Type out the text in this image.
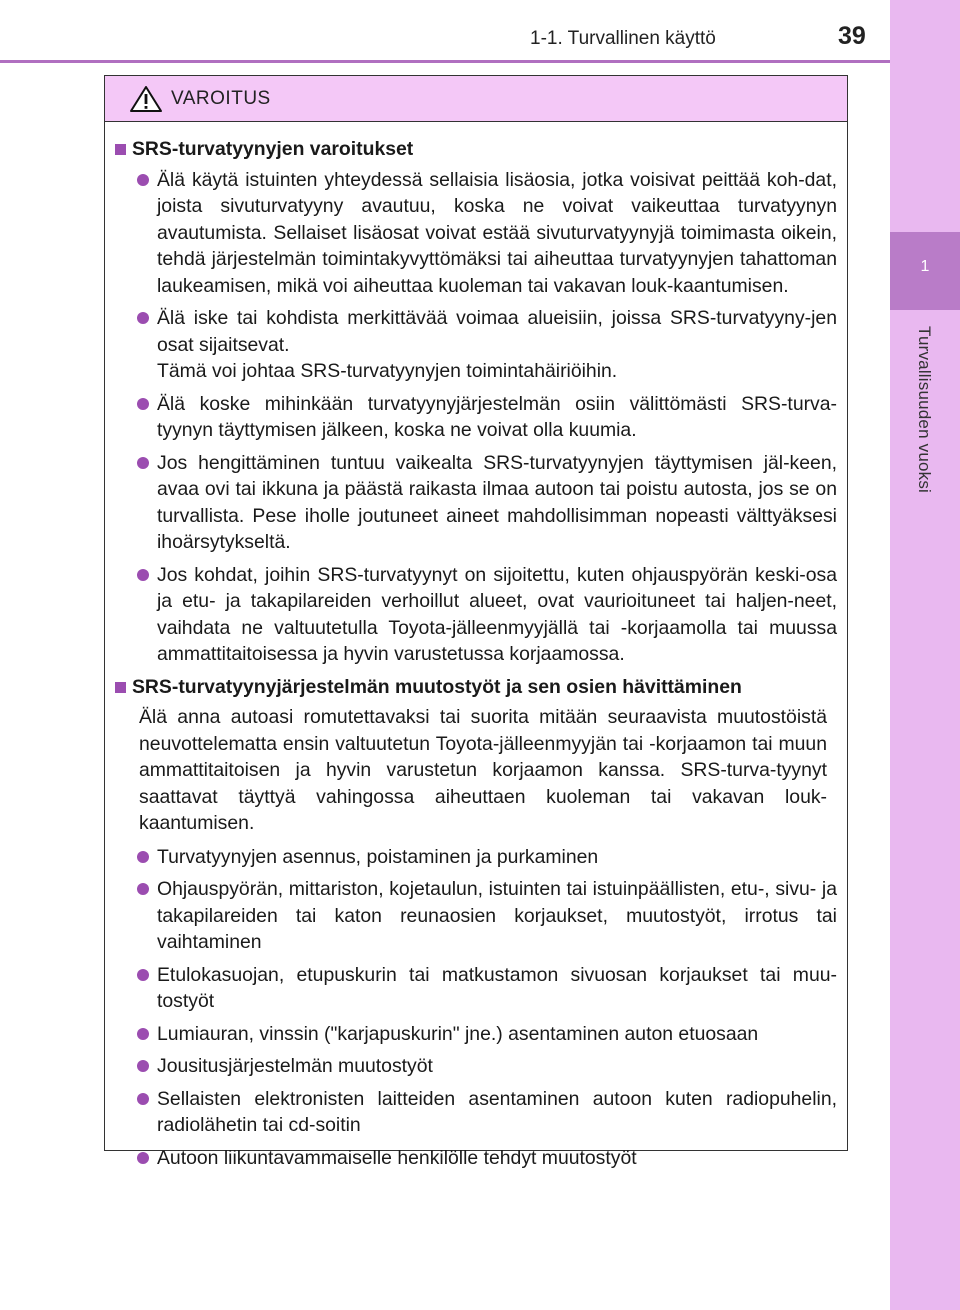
1-1. Turvallinen käyttö	39
1
Turvallisuuden vuoksi
VAROITUS
SRS-turvatyynyjen varoitukset
Älä käytä istuinten yhteydessä sellaisia lisäosia, jotka voisivat peittää koh-dat, joista sivuturvatyyny avautuu, koska ne voivat vaikeuttaa turvatyynyn avautumista. Sellaiset lisäosat voivat estää sivuturvatyynyjä toimimasta oikein, tehdä järjestelmän toimintakyvyttömäksi tai aiheuttaa turvatyynyjen tahattoman laukeamisen, mikä voi aiheuttaa kuoleman tai vakavan louk-kaantumisen.
Älä iske tai kohdista merkittävää voimaa alueisiin, joissa SRS-turvatyyny-jen osat sijaitsevat.
Tämä voi johtaa SRS-turvatyynyjen toimintahäiriöihin.
Älä koske mihinkään turvatyynyjärjestelmän osiin välittömästi SRS-turva-tyynyn täyttymisen jälkeen, koska ne voivat olla kuumia.
Jos hengittäminen tuntuu vaikealta SRS-turvatyynyjen täyttymisen jäl-keen, avaa ovi tai ikkuna ja päästä raikasta ilmaa autoon tai poistu autosta, jos se on turvallista. Pese iholle joutuneet aineet mahdollisimman nopeasti välttyäksesi ihoärsytykseltä.
Jos kohdat, joihin SRS-turvatyynyt on sijoitettu, kuten ohjauspyörän keski-osa ja etu- ja takapilareiden verhoillut alueet, ovat vaurioituneet tai haljen-neet, vaihdata ne valtuutetulla Toyota-jälleenmyyjällä tai -korjaamolla tai muussa ammattitaitoisessa ja hyvin varustetussa korjaamossa.
SRS-turvatyynyjärjestelmän muutostyöt ja sen osien hävittäminen
Älä anna autoasi romutettavaksi tai suorita mitään seuraavista muutostöistä neuvottelematta ensin valtuutetun Toyota-jälleenmyyjän tai -korjaamon tai muun ammattitaitoisen ja hyvin varustetun korjaamon kanssa. SRS-turva-tyynyt saattavat täyttyä vahingossa aiheuttaen kuoleman tai vakavan louk-kaantumisen.
Turvatyynyjen asennus, poistaminen ja purkaminen
Ohjauspyörän, mittariston, kojetaulun, istuinten tai istuinpäällisten, etu-, sivu- ja takapilareiden tai katon reunaosien korjaukset, muutostyöt, irrotus tai vaihtaminen
Etulokasuojan, etupuskurin tai matkustamon sivuosan korjaukset tai muu-tostyöt
Lumiauran, vinssin ("karjapuskurin" jne.) asentaminen auton etuosaan
Jousitusjärjestelmän muutostyöt
Sellaisten elektronisten laitteiden asentaminen autoon kuten radiopuhelin, radiolähetin tai cd-soitin
Autoon liikuntavammaiselle henkilölle tehdyt muutostyöt
